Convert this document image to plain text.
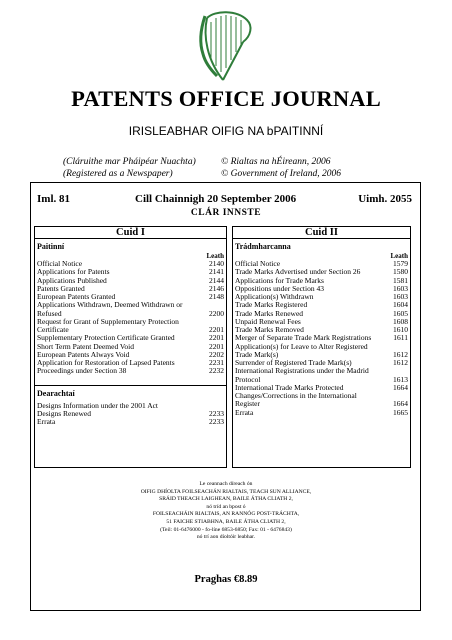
PATENTS OFFICE JOURNAL
IRISLEABHAR OIFIG NA bPAITINNÍ
(Cláruithe mar Pháipéar Nuachta)
(Registered as a Newspaper)
© Rialtas na hÉireann, 2006
© Government of Ireland, 2006
Iml. 81	Cill Chainnigh 20 September 2006	Uimh. 2055
CLÁR INNSTE
Cuid I
Paitinní
Leath
Official Notice	2140
Applications for Patents	2141
Applications Published	2144
Patents Granted	2146
European Patents Granted	2148
Applications Withdrawn, Deemed Withdrawn or
Refused	2200
Request for Grant of Supplementary Protection
Certificate	2201
Supplementary Protection Certificate Granted	2201
Short Term Patent Deemed Void	2201
European Patents Always Void	2202
Application for Restoration of Lapsed Patents	2231
Proceedings under Section 38	2232
Dearachtaí
Designs Information under the 2001 Act
Designs Renewed	2233
Errata	2233
Cuid II
Trádmharcanna
Leath
Official Notice	1579
Trade Marks Advertised under Section 26	1580
Applications for Trade Marks	1581
Oppositions under Section 43	1603
Application(s) Withdrawn	1603
Trade Marks Registered	1604
Trade Marks Renewed	1605
Unpaid Renewal Fees	1608
Trade Marks Removed	1610
Merger of Separate Trade Mark Registrations	1611
Application(s) for Leave to Alter Registered
Trade Mark(s)	1612
Surrender of Registered Trade Mark(s)	1612
International Registrations under the Madrid
Protocol	1613
International Trade Marks Protected	1664
Changes/Corrections in the International
Register	1664
Errata	1665
Le ceannach díreach ón
OIFIG DHÍOLTA FOILSEACHÁN RIALTAIS, TEACH SUN ALLIANCE,
SRÁID THEACH LAIGHEAN, BAILE ÁTHA CLIATH 2,
nó tríd an bpost ó
FOILSEACHÁIN RIALTAIS, AN RANNÓG POST-TRÁCHTA,
51 FAICHE STIABHNA, BAILE ÁTHA CLIATH 2,
(Teil: 01-6476000 - fo-líne 6853-6850; Fax: 01 - 6476843)
nó trí aon díoltóir leabhar.
Praghas €8.89
